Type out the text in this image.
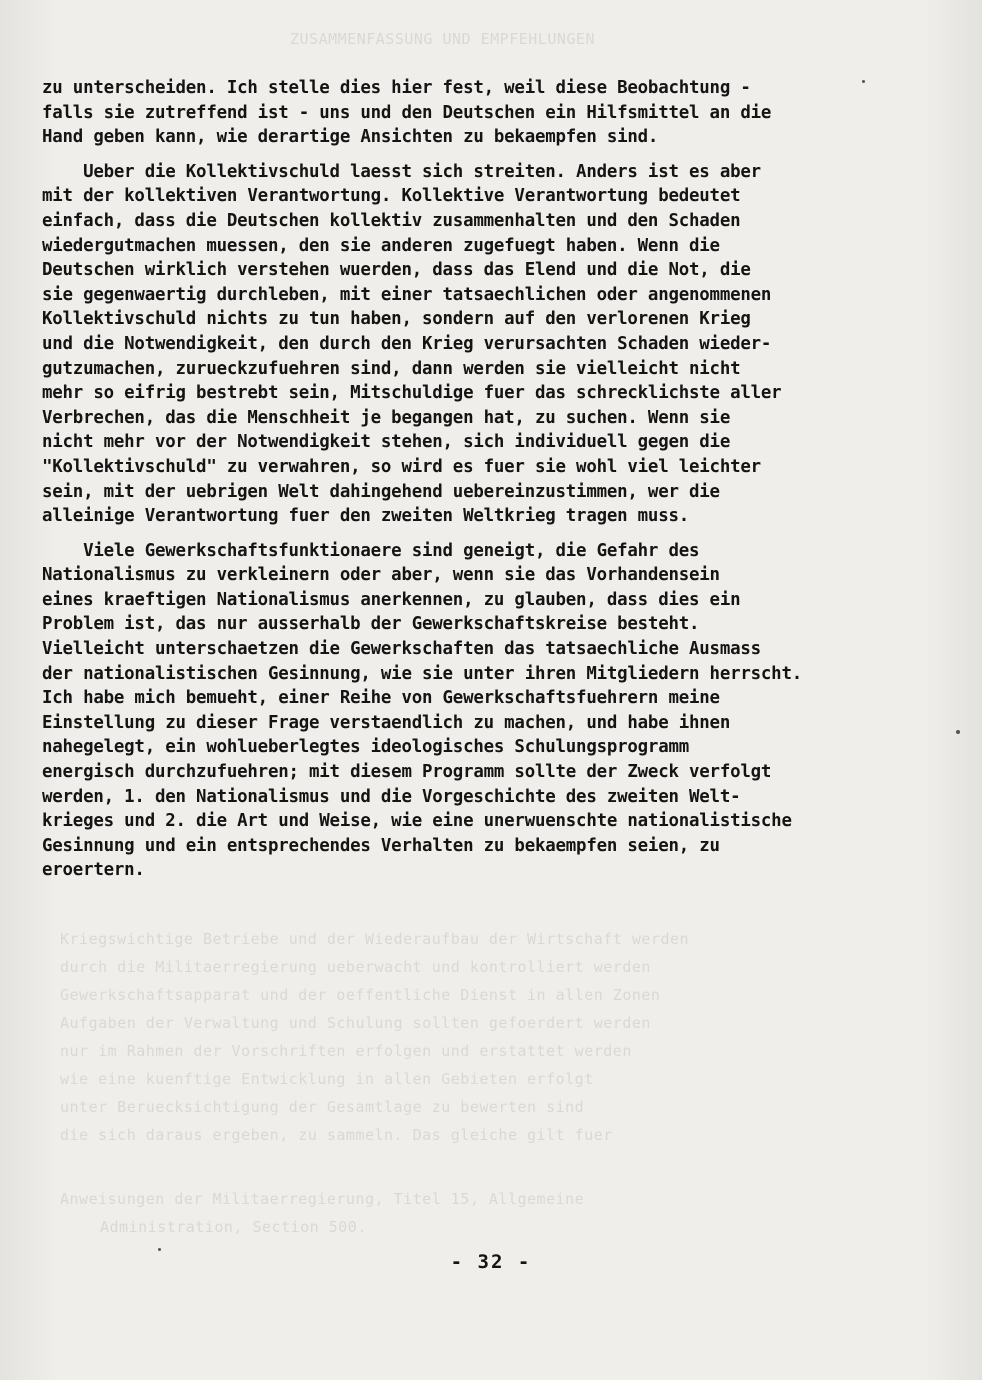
ZUSAMMENFASSUNG UND EMPFEHLUNGEN
Kriegswichtige Betriebe und der Wiederaufbau der Wirtschaft werden
durch die Militaerregierung ueberwacht und kontrolliert werden
Gewerkschaftsapparat und der oeffentliche Dienst in allen Zonen
Aufgaben der Verwaltung und Schulung sollten gefoerdert werden
nur im Rahmen der Vorschriften erfolgen und erstattet werden
wie eine kuenftige Entwicklung in allen Gebieten erfolgt
unter Beruecksichtigung der Gesamtlage zu bewerten sind
die sich daraus ergeben, zu sammeln. Das gleiche gilt fuer
Anweisungen der Militaerregierung, Titel 15, Allgemeine
Administration, Section 500.
zu unterscheiden. Ich stelle dies hier fest, weil diese Beobachtung -
falls sie zutreffend ist - uns und den Deutschen ein Hilfsmittel an die
Hand geben kann, wie derartige Ansichten zu bekaempfen sind.
Ueber die Kollektivschuld laesst sich streiten. Anders ist es aber
mit der kollektiven Verantwortung. Kollektive Verantwortung bedeutet
einfach, dass die Deutschen kollektiv zusammenhalten und den Schaden
wiedergutmachen muessen, den sie anderen zugefuegt haben. Wenn die
Deutschen wirklich verstehen wuerden, dass das Elend und die Not, die
sie gegenwaertig durchleben, mit einer tatsaechlichen oder angenommenen
Kollektivschuld nichts zu tun haben, sondern auf den verlorenen Krieg
und die Notwendigkeit, den durch den Krieg verursachten Schaden wieder-
gutzumachen, zurueckzufuehren sind, dann werden sie vielleicht nicht
mehr so eifrig bestrebt sein, Mitschuldige fuer das schrecklichste aller
Verbrechen, das die Menschheit je begangen hat, zu suchen. Wenn sie
nicht mehr vor der Notwendigkeit stehen, sich individuell gegen die
"Kollektivschuld" zu verwahren, so wird es fuer sie wohl viel leichter
sein, mit der uebrigen Welt dahingehend uebereinzustimmen, wer die
alleinige Verantwortung fuer den zweiten Weltkrieg tragen muss.
Viele Gewerkschaftsfunktionaere sind geneigt, die Gefahr des
Nationalismus zu verkleinern oder aber, wenn sie das Vorhandensein
eines kraeftigen Nationalismus anerkennen, zu glauben, dass dies ein
Problem ist, das nur ausserhalb der Gewerkschaftskreise besteht.
Vielleicht unterschaetzen die Gewerkschaften das tatsaechliche Ausmass
der nationalistischen Gesinnung, wie sie unter ihren Mitgliedern herrscht.
Ich habe mich bemueht, einer Reihe von Gewerkschaftsfuehrern meine
Einstellung zu dieser Frage verstaendlich zu machen, und habe ihnen
nahegelegt, ein wohlueberlegtes ideologisches Schulungsprogramm
energisch durchzufuehren; mit diesem Programm sollte der Zweck verfolgt
werden, 1. den Nationalismus und die Vorgeschichte des zweiten Welt-
krieges und 2. die Art und Weise, wie eine unerwuenschte nationalistische
Gesinnung und ein entsprechendes Verhalten zu bekaempfen seien, zu
eroertern.
- 32 -
